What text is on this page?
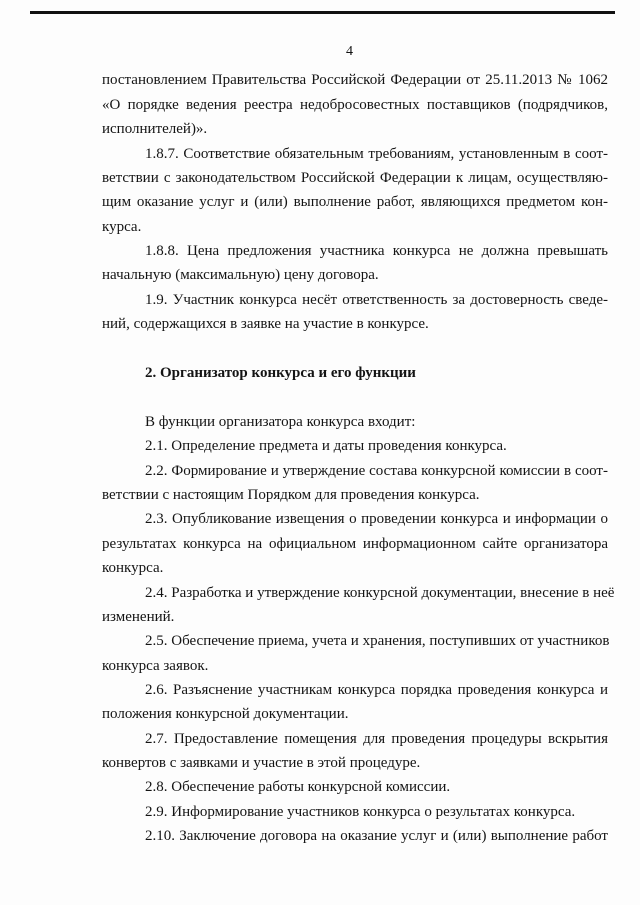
4
постановлением Правительства Российской Федерации от 25.11.2013 № 1062
«О порядке ведения реестра недобросовестных поставщиков (подрядчиков,
исполнителей)».
1.8.7. Соответствие обязательным требованиям, установленным в соот-
ветствии с законодательством Российской Федерации к лицам, осуществляю-
щим оказание услуг и (или) выполнение работ, являющихся предметом кон-
курса.
1.8.8. Цена предложения участника конкурса не должна превышать
начальную (максимальную) цену договора.
1.9. Участник конкурса несёт ответственность за достоверность сведе-
ний, содержащихся в заявке на участие в конкурсе.
2. Организатор конкурса и его функции
В функции организатора конкурса входит:
2.1. Определение предмета и даты проведения конкурса.
2.2. Формирование и утверждение состава конкурсной комиссии в соот-
ветствии с настоящим Порядком для проведения конкурса.
2.3. Опубликование извещения о проведении конкурса и информации о
результатах конкурса на официальном информационном сайте организатора
конкурса.
2.4. Разработка и утверждение конкурсной документации, внесение в неё
изменений.
2.5. Обеспечение приема, учета и хранения, поступивших от участников
конкурса заявок.
2.6. Разъяснение участникам конкурса порядка проведения конкурса и
положения конкурсной документации.
2.7. Предоставление помещения для проведения процедуры вскрытия
конвертов с заявками и участие в этой процедуре.
2.8. Обеспечение работы конкурсной комиссии.
2.9. Информирование участников конкурса о результатах конкурса.
2.10. Заключение договора на оказание услуг и (или) выполнение работ
